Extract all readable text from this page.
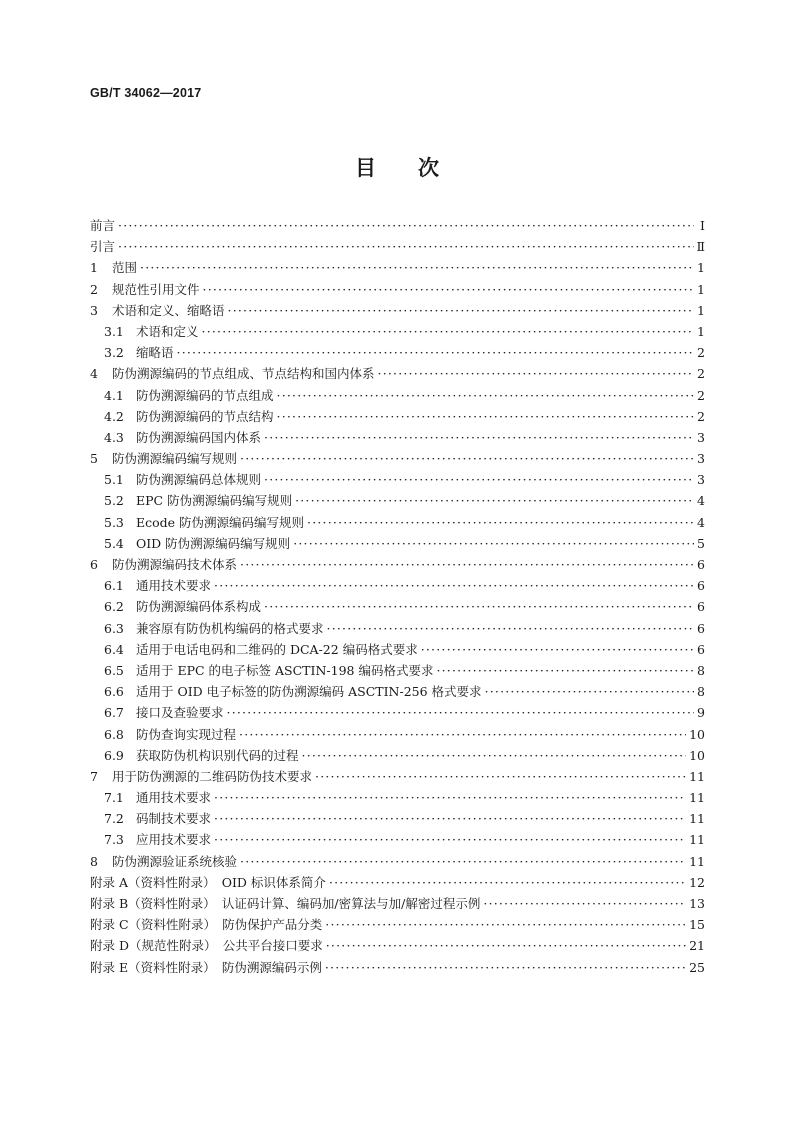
GB/T 34062—2017
目 次
前言 ·····	Ⅰ
引言 ·····	Ⅱ
1	范围 ·····	1
2	规范性引用文件 ·····	1
3	术语和定义、缩略语 ·····	1
3.1 术语和定义 ·····	1
3.2 缩略语 ·····	2
4	防伪溯源编码的节点组成、节点结构和国内体系 ·····	2
4.1 防伪溯源编码的节点组成 ·····	2
4.2 防伪溯源编码的节点结构 ·····	2
4.3 防伪溯源编码国内体系 ·····	3
5	防伪溯源编码编写规则 ·····	3
5.1 防伪溯源编码总体规则 ·····	3
5.2 EPC 防伪溯源编码编写规则 ·····	4
5.3 Ecode 防伪溯源编码编写规则 ·····	4
5.4 OID 防伪溯源编码编写规则 ·····	5
6	防伪溯源编码技术体系 ·····	6
6.1 通用技术要求 ·····	6
6.2 防伪溯源编码体系构成 ·····	6
6.3 兼容原有防伪机构编码的格式要求 ·····	6
6.4 适用于电话电码和二维码的 DCA-22 编码格式要求 ·····	6
6.5 适用于 EPC 的电子标签 ASCTIN-198 编码格式要求 ·····	8
6.6 适用于 OID 电子标签的防伪溯源编码 ASCTIN-256 格式要求 ·····	8
6.7 接口及查验要求 ·····	9
6.8 防伪查询实现过程 ·····	10
6.9 获取防伪机构识别代码的过程 ·····	10
7	用于防伪溯源的二维码防伪技术要求 ·····	11
7.1 通用技术要求 ·····	11
7.2 码制技术要求 ·····	11
7.3 应用技术要求 ·····	11
8	防伪溯源验证系统核验 ·····	11
附录 A（资料性附录）　OID 标识体系简介 ·····	12
附录 B（资料性附录）　认证码计算、编码加/密算法与加/解密过程示例 ·····	13
附录 C（资料性附录）　防伪保护产品分类 ·····	15
附录 D（规范性附录）　公共平台接口要求 ·····	21
附录 E（资料性附录）　防伪溯源编码示例 ·····	25
